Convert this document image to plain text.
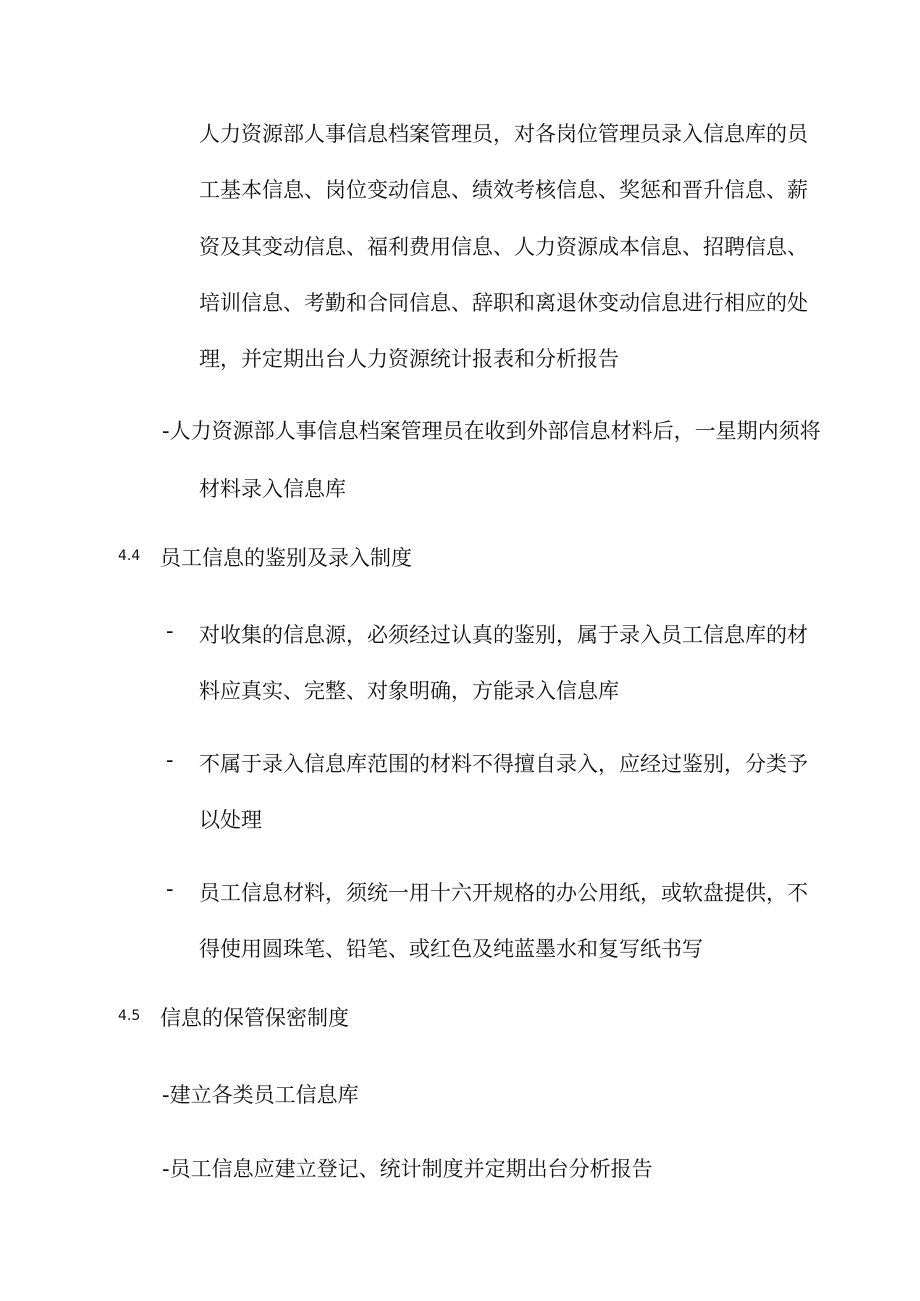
人力资源部人事信息档案管理员，对各岗位管理员录入信息库的员
工基本信息、岗位变动信息、绩效考核信息、奖惩和晋升信息、薪
资及其变动信息、福利费用信息、人力资源成本信息、招聘信息、
培训信息、考勤和合同信息、辞职和离退休变动信息进行相应的处
理，并定期出台人力资源统计报表和分析报告
-人力资源部人事信息档案管理员在收到外部信息材料后，一星期内须将
材料录入信息库
4.4 员工信息的鉴别及录入制度
- 对收集的信息源，必须经过认真的鉴别，属于录入员工信息库的材
料应真实、完整、对象明确，方能录入信息库
- 不属于录入信息库范围的材料不得擅自录入，应经过鉴别，分类予
以处理
- 员工信息材料，须统一用十六开规格的办公用纸，或软盘提供，不
得使用圆珠笔、铅笔、或红色及纯蓝墨水和复写纸书写
4.5 信息的保管保密制度
-建立各类员工信息库
-员工信息应建立登记、统计制度并定期出台分析报告
